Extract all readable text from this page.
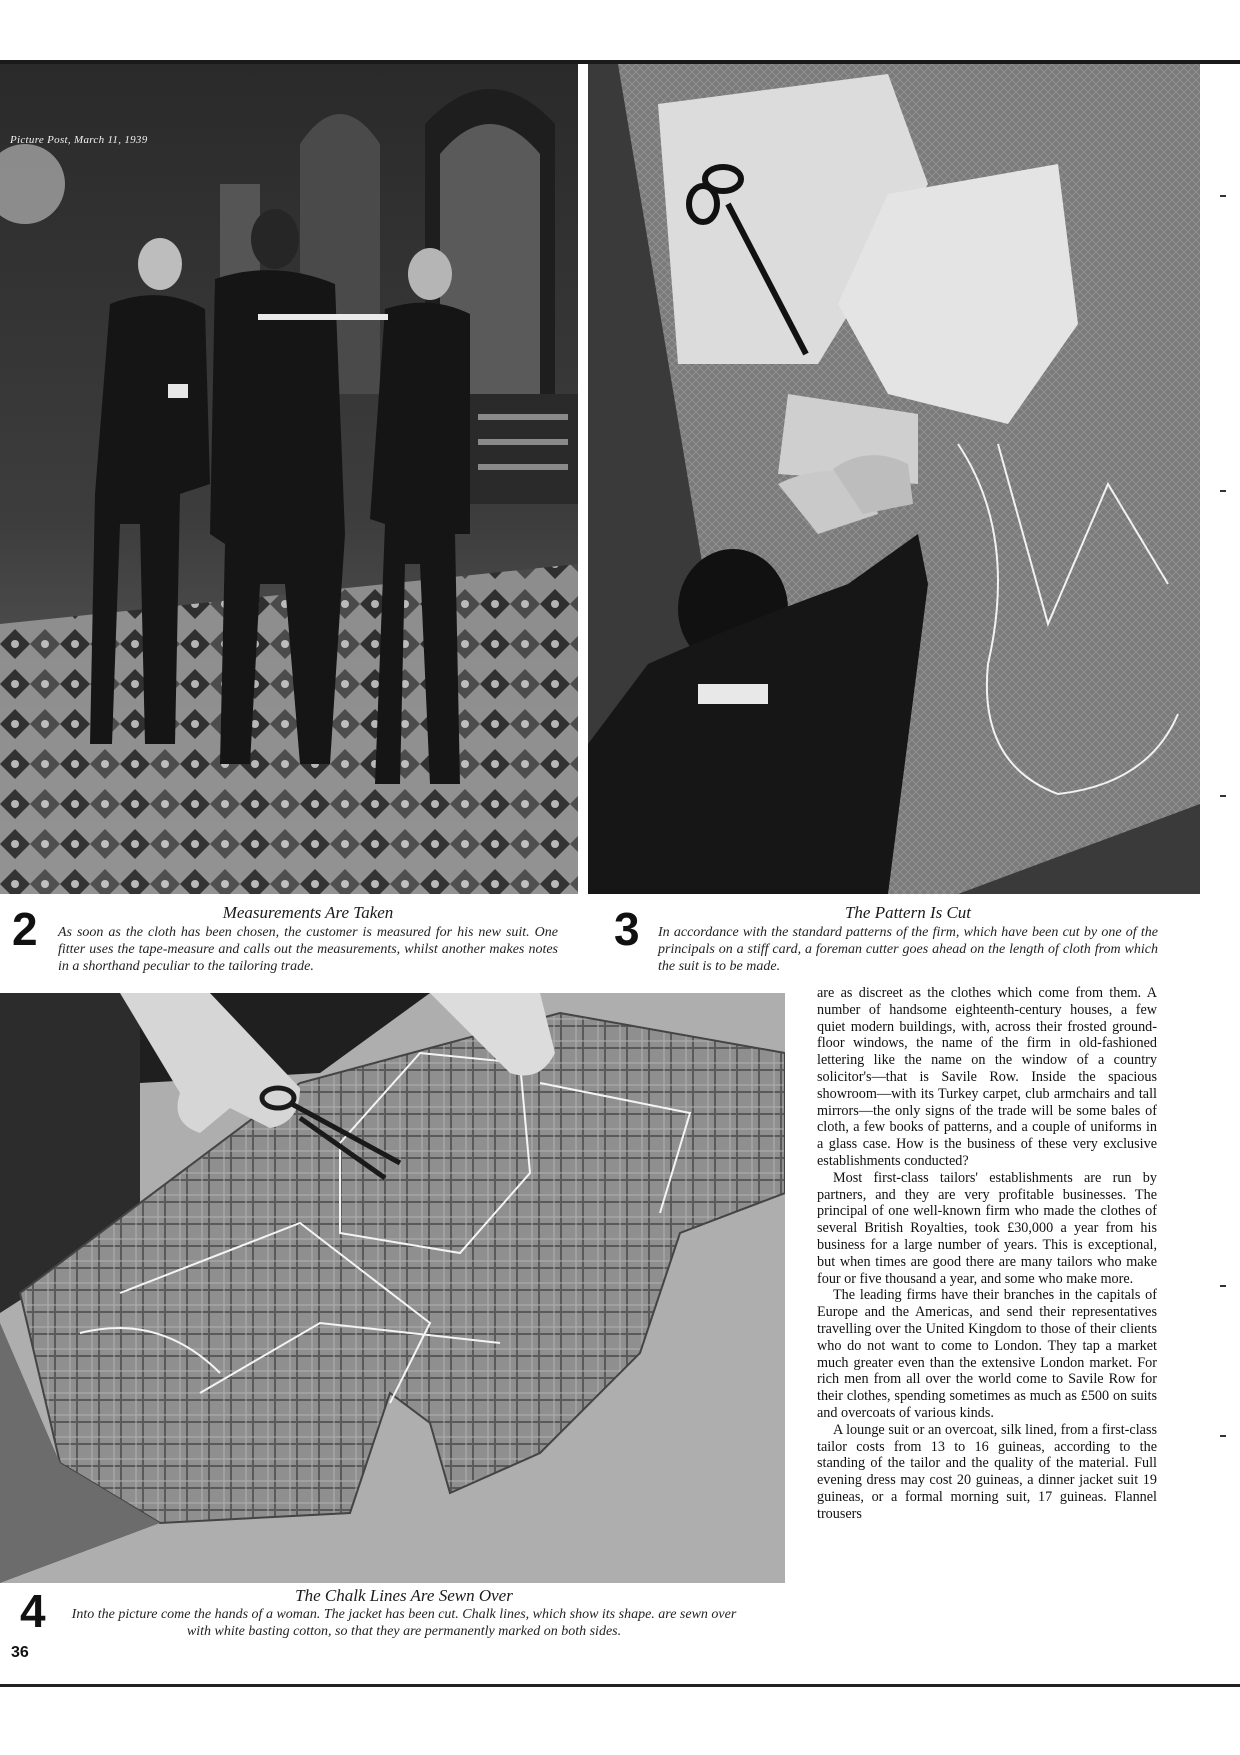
Picture Post, March 11, 1939
2	Measurements Are Taken
As soon as the cloth has been chosen, the customer is measured for his new suit. One fitter uses the tape-measure and calls out the measurements, whilst another makes notes in a shorthand peculiar to the tailoring trade.
3	The Pattern Is Cut
In accordance with the standard patterns of the firm, which have been cut by one of the principals on a stiff card, a foreman cutter goes ahead on the length of cloth from which the suit is to be made.
4	The Chalk Lines Are Sewn Over
Into the picture come the hands of a woman. The jacket has been cut. Chalk lines, which show its shape. are sewn over with white basting cotton, so that they are permanently marked on both sides.

are as discreet as the clothes which come from them. A number of handsome eighteenth-century houses, a few quiet modern buildings, with, across their frosted ground-floor windows, the name of the firm in old-fashioned lettering like the name on the window of a country solicitor's—that is Savile Row. Inside the spacious showroom—with its Turkey carpet, club armchairs and tall mirrors—the only signs of the trade will be some bales of cloth, a few books of patterns, and a couple of uniforms in a glass case. How is the business of these very exclusive establishments conducted?

Most first-class tailors' establishments are run by partners, and they are very profitable businesses. The principal of one well-known firm who made the clothes of several British Royalties, took £30,000 a year from his business for a large number of years. This is exceptional, but when times are good there are many tailors who make four or five thousand a year, and some who make more.

The leading firms have their branches in the capitals of Europe and the Americas, and send their representatives travelling over the United Kingdom to those of their clients who do not want to come to London. They tap a market much greater even than the extensive London market. For rich men from all over the world come to Savile Row for their clothes, spending sometimes as much as £500 on suits and overcoats of various kinds.

A lounge suit or an overcoat, silk lined, from a first-class tailor costs from 13 to 16 guineas, according to the standing of the tailor and the quality of the material. Full evening dress may cost 20 guineas, a dinner jacket suit 19 guineas, or a formal morning suit, 17 guineas. Flannel trousers

36
